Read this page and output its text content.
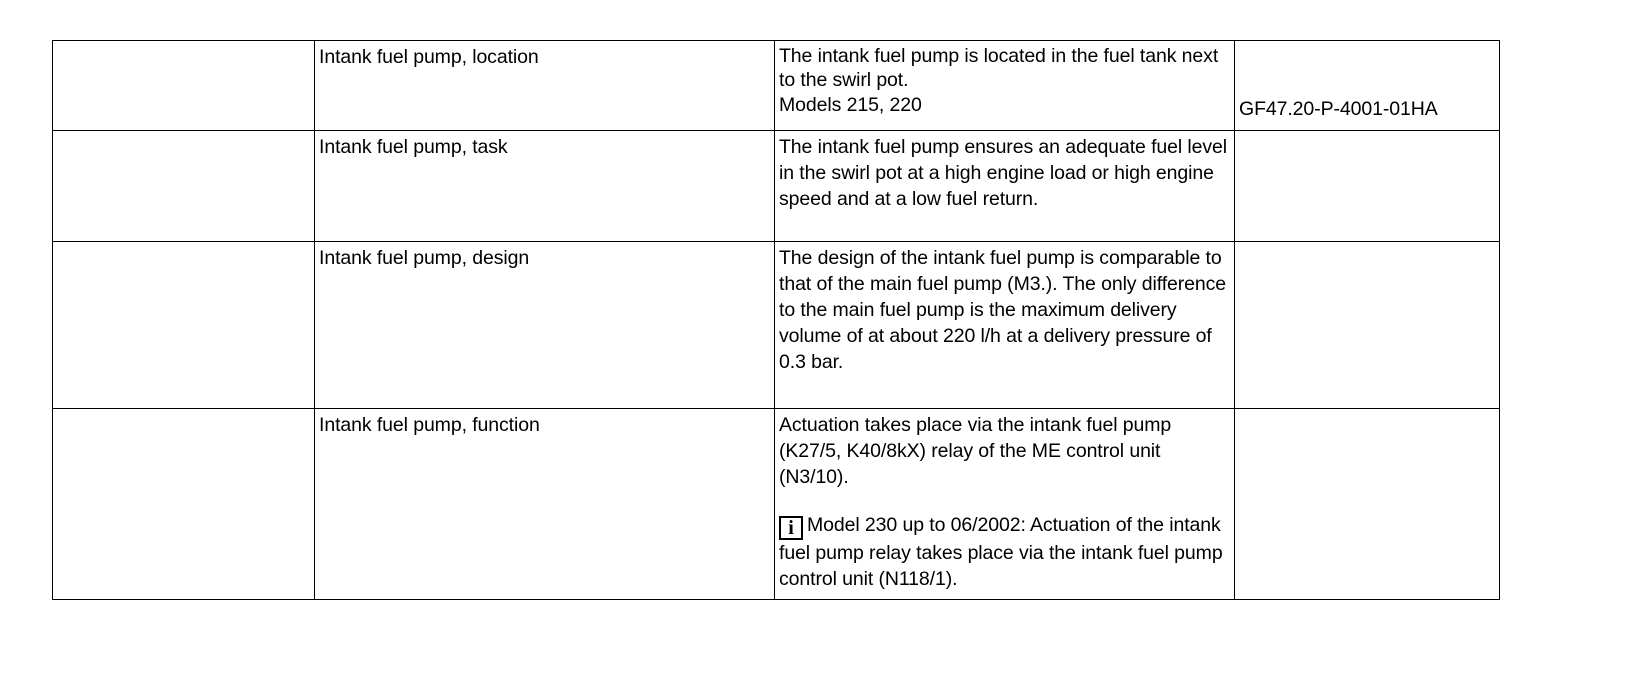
	Intank fuel pump, location	The intank fuel pump is located in the fuel tank next to the swirl pot.
Models 215, 220	GF47.20-P-4001-01HA

	Intank fuel pump, task	The intank fuel pump ensures an adequate fuel level in the swirl pot at a high engine load or high engine speed and at a low fuel return.	
	Intank fuel pump, design	The design of the intank fuel pump is comparable to that of the main fuel pump (M3.). The only difference to the main fuel pump is the maximum delivery volume of at about 220 l/h at a delivery pressure of 0.3 bar.	
	Intank fuel pump, function	Actuation takes place via the intank fuel pump (K27/5, K40/8kX) relay of the ME control unit (N3/10).
i Model 230 up to 06/2002: Actuation of the intank fuel pump relay takes place via the intank fuel pump control unit (N118/1).	
